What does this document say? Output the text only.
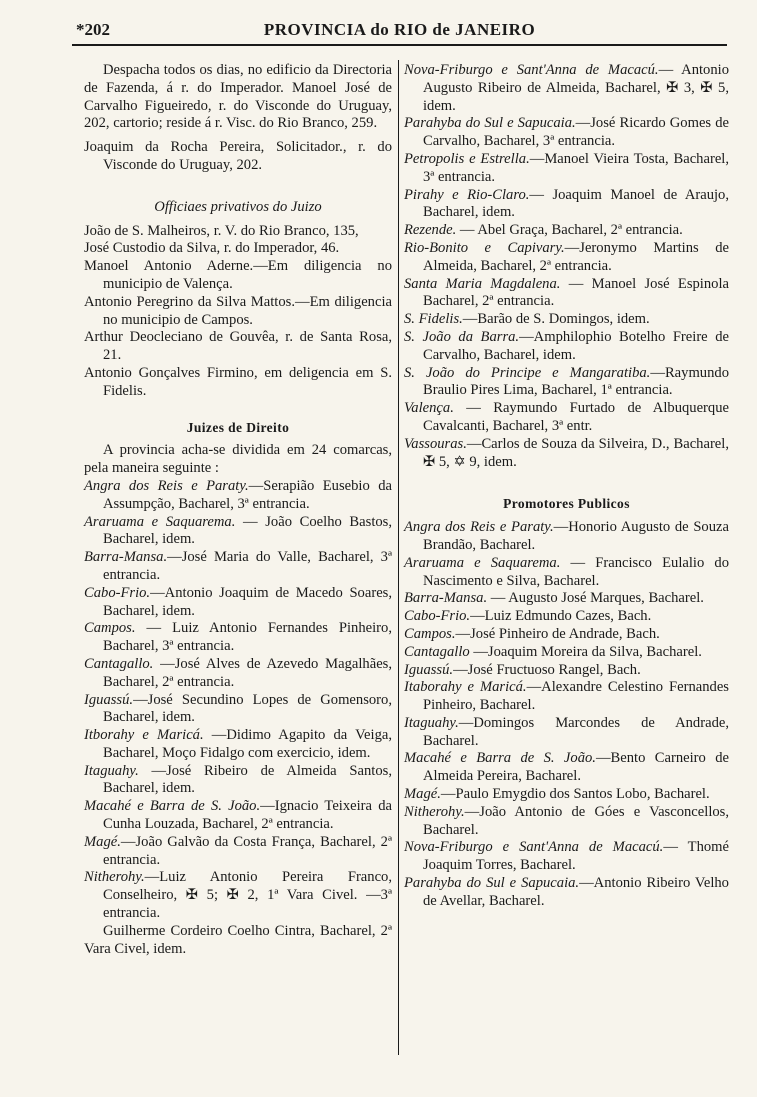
*202	PROVINCIA do RIO de JANEIRO
Despacha todos os dias, no edificio da Directoria de Fazenda, á r. do Imperador. Manoel José de Carvalho Figueiredo, r. do Visconde do Uruguay, 202, cartorio; reside á r. Visc. do Rio Branco, 259.
Joaquim da Rocha Pereira, Solicitador., r. do Visconde do Uruguay, 202.
Officiaes privativos do Juizo
João de S. Malheiros, r. V. do Rio Branco, 135,
José Custodio da Silva, r. do Imperador, 46.
Manoel Antonio Aderne.—Em diligencia no municipio de Valença.
Antonio Peregrino da Silva Mattos.—Em diligencia no municipio de Campos.
Arthur Deocleciano de Gouvêa, r. de Santa Rosa, 21.
Antonio Gonçalves Firmino, em deligencia em S. Fidelis.
Juizes de Direito
A provincia acha-se dividida em 24 comarcas, pela maneira seguinte :
Angra dos Reis e Paraty.—Serapião Eusebio da Assumpção, Bacharel, 3ª entrancia.
Araruama e Saquarema. — João Coelho Bastos, Bacharel, idem.
Barra-Mansa.—José Maria do Valle, Bacharel, 3ª entrancia.
Cabo-Frio.—Antonio Joaquim de Macedo Soares, Bacharel, idem.
Campos. — Luiz Antonio Fernandes Pinheiro, Bacharel, 3ª entrancia.
Cantagallo. —José Alves de Azevedo Magalhães, Bacharel, 2ª entrancia.
Iguassú.—José Secundino Lopes de Gomensoro, Bacharel, idem.
Itborahy e Maricá. —Didimo Agapito da Veiga, Bacharel, Moço Fidalgo com exercicio, idem.
Itaguahy. —José Ribeiro de Almeida Santos, Bacharel, idem.
Macahé e Barra de S. João.—Ignacio Teixeira da Cunha Louzada, Bacharel, 2ª entrancia.
Magé.—João Galvão da Costa França, Bacharel, 2ª entrancia.
Nitherohy.—Luiz Antonio Pereira Franco, Conselheiro, ✠ 5; ✠ 2, 1ª Vara Civel. —3ª entrancia.
Guilherme Cordeiro Coelho Cintra, Bacharel, 2ª Vara Civel, idem.
Nova-Friburgo e Sant'Anna de Macacú.— Antonio Augusto Ribeiro de Almeida, Bacharel, ✠ 3, ✠ 5, idem.
Parahyba do Sul e Sapucaia.—José Ricardo Gomes de Carvalho, Bacharel, 3ª entrancia.
Petropolis e Estrella.—Manoel Vieira Tosta, Bacharel, 3ª entrancia.
Pirahy e Rio-Claro.— Joaquim Manoel de Araujo, Bacharel, idem.
Rezende. — Abel Graça, Bacharel, 2ª entrancia.
Rio-Bonito e Capivary.—Jeronymo Martins de Almeida, Bacharel, 2ª entrancia.
Santa Maria Magdalena. — Manoel José Espinola Bacharel, 2ª entrancia.
S. Fidelis.—Barão de S. Domingos, idem.
S. João da Barra.—Amphilophio Botelho Freire de Carvalho, Bacharel, idem.
S. João do Principe e Mangaratiba.—Raymundo Braulio Pires Lima, Bacharel, 1ª entrancia.
Valença. — Raymundo Furtado de Albuquerque Cavalcanti, Bacharel, 3ª entr.
Vassouras.—Carlos de Souza da Silveira, D., Bacharel, ✠ 5, ✡ 9, idem.
Promotores Publicos
Angra dos Reis e Paraty.—Honorio Augusto de Souza Brandão, Bacharel.
Araruama e Saquarema. — Francisco Eulalio do Nascimento e Silva, Bacharel.
Barra-Mansa. — Augusto José Marques, Bacharel.
Cabo-Frio.—Luiz Edmundo Cazes, Bach.
Campos.—José Pinheiro de Andrade, Bach.
Cantagallo —Joaquim Moreira da Silva, Bacharel.
Iguassú.—José Fructuoso Rangel, Bach.
Itaborahy e Maricá.—Alexandre Celestino Fernandes Pinheiro, Bacharel.
Itaguahy.—Domingos Marcondes de Andrade, Bacharel.
Macahé e Barra de S. João.—Bento Carneiro de Almeida Pereira, Bacharel.
Magé.—Paulo Emygdio dos Santos Lobo, Bacharel.
Nitherohy.—João Antonio de Góes e Vasconcellos, Bacharel.
Nova-Friburgo e Sant'Anna de Macacú.— Thomé Joaquim Torres, Bacharel.
Parahyba do Sul e Sapucaia.—Antonio Ribeiro Velho de Avellar, Bacharel.
